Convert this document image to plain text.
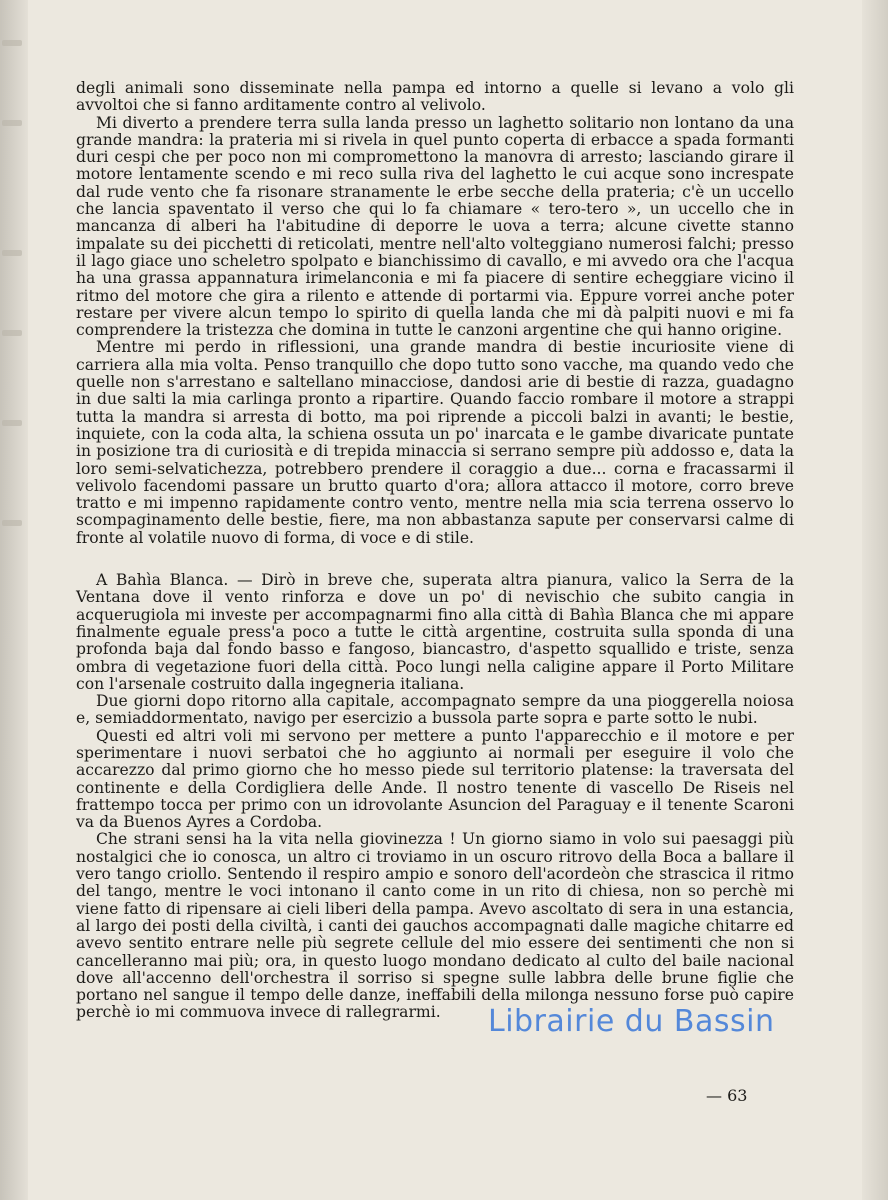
degli animali sono disseminate nella pampa ed intorno a quelle si levano a volo gli avvoltoi che si fanno arditamente contro al velivolo.

Mi diverto a prendere terra sulla landa presso un laghetto solitario non lontano da una grande mandra: la prateria mi si rivela in quel punto coperta di erbacce a spada formanti duri cespi che per poco non mi compromettono la manovra di arresto; lasciando girare il motore lentamente scendo e mi reco sulla riva del laghetto le cui acque sono increspate dal rude vento che fa risonare stranamente le erbe secche della prateria; c'è un uccello che lancia spaventato il verso che qui lo fa chiamare « tero-tero », un uccello che in mancanza di alberi ha l'abitudine di deporre le uova a terra; alcune civette stanno impalate su dei picchetti di reticolati, mentre nell'alto volteggiano numerosi falchi; presso il lago giace uno scheletro spolpato e bianchissimo di cavallo, e mi avvedo ora che l'acqua ha una grassa appannatura irimelanconia e mi fa piacere di sentire echeggiare vicino il ritmo del motore che gira a rilento e attende di portarmi via. Eppure vorrei anche poter restare per vivere alcun tempo lo spirito di quella landa che mi dà palpiti nuovi e mi fa comprendere la tristezza che domina in tutte le canzoni argentine che qui hanno origine.

Mentre mi perdo in riflessioni, una grande mandra di bestie incuriosite viene di carriera alla mia volta. Penso tranquillo che dopo tutto sono vacche, ma quando vedo che quelle non s'arrestano e saltellano minacciose, dandosi arie di bestie di razza, guadagno in due salti la mia carlinga pronto a ripartire. Quando faccio rombare il motore a strappi tutta la mandra si arresta di botto, ma poi riprende a piccoli balzi in avanti; le bestie, inquiete, con la coda alta, la schiena ossuta un po' inarcata e le gambe divaricate puntate in posizione tra di curiosità e di trepida minaccia si serrano sempre più addosso e, data la loro semi-selvatichezza, potrebbero prendere il coraggio a due... corna e fracassarmi il velivolo facendomi passare un brutto quarto d'ora; allora attacco il motore, corro breve tratto e mi impenno rapidamente contro vento, mentre nella mia scia terrena osservo lo scompaginamento delle bestie, fiere, ma non abbastanza sapute per conservarsi calme di fronte al volatile nuovo di forma, di voce e di stile.

A Bahìa Blanca. — Dirò in breve che, superata altra pianura, valico la Serra de la Ventana dove il vento rinforza e dove un po' di nevischio che subito cangia in acquerugiola mi investe per accompagnarmi fino alla città di Bahìa Blanca che mi appare finalmente eguale press'a poco a tutte le città argentine, costruita sulla sponda di una profonda baja dal fondo basso e fangoso, biancastro, d'aspetto squallido e triste, senza ombra di vegetazione fuori della città. Poco lungi nella caligine appare il Porto Militare con l'arsenale costruito dalla ingegneria italiana.

Due giorni dopo ritorno alla capitale, accompagnato sempre da una pioggerella noiosa e, semiaddormentato, navigo per esercizio a bussola parte sopra e parte sotto le nubi.

Questi ed altri voli mi servono per mettere a punto l'apparecchio e il motore e per sperimentare i nuovi serbatoi che ho aggiunto ai normali per eseguire il volo che accarezzo dal primo giorno che ho messo piede sul territorio platense: la traversata del continente e della Cordigliera delle Ande. Il nostro tenente di vascello De Riseis nel frattempo tocca per primo con un idrovolante Asuncion del Paraguay e il tenente Scaroni va da Buenos Ayres a Cordoba.

Che strani sensi ha la vita nella giovinezza ! Un giorno siamo in volo sui paesaggi più nostalgici che io conosca, un altro ci troviamo in un oscuro ritrovo della Boca a ballare il vero tango criollo. Sentendo il respiro ampio e sonoro dell'acordeòn che strascica il ritmo del tango, mentre le voci intonano il canto come in un rito di chiesa, non so perchè mi viene fatto di ripensare ai cieli liberi della pampa. Avevo ascoltato di sera in una estancia, al largo dei posti della civiltà, i canti dei gauchos accompagnati dalle magiche chitarre ed avevo sentito entrare nelle più segrete cellule del mio essere dei sentimenti che non si cancelleranno mai più; ora, in questo luogo mondano dedicato al culto del baile nacional dove all'accenno dell'orchestra il sorriso si spegne sulle labbra delle brune figlie che portano nel sangue il tempo delle danze, ineffabili della milonga nessuno forse può capire perchè io mi commuova invece di rallegrarmi.

— 63
Librairie du Bassin
